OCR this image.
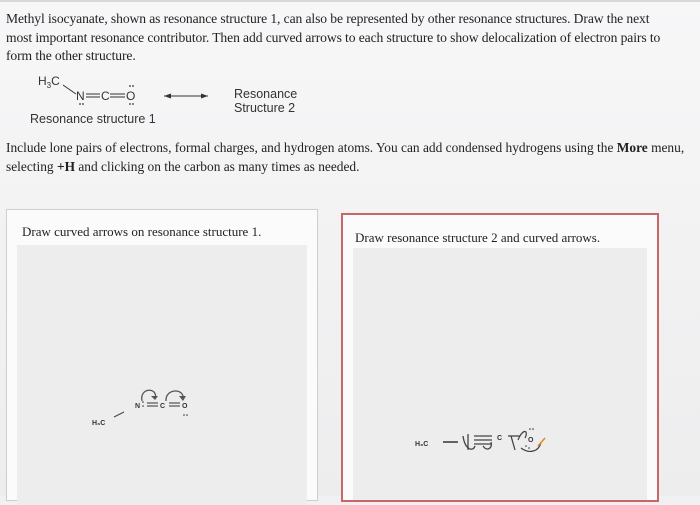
Methyl isocyanate, shown as resonance structure 1, can also be represented by other resonance structures. Draw the next most important resonance contributor. Then add curved arrows to each structure to show delocalization of electron pairs to form the other structure.
$H_3C$
N C O	Resonance
Structure 2
Resonance structure 1
Include lone pairs of electrons, formal charges, and hydrogen atoms. You can add condensed hydrogens using the More menu, selecting +H and clicking on the carbon as many times as needed.
Draw curved arrows on resonance structure 1.
H₃C
N	C O
Draw resonance structure 2 and curved arrows.
H₃C
C	O
